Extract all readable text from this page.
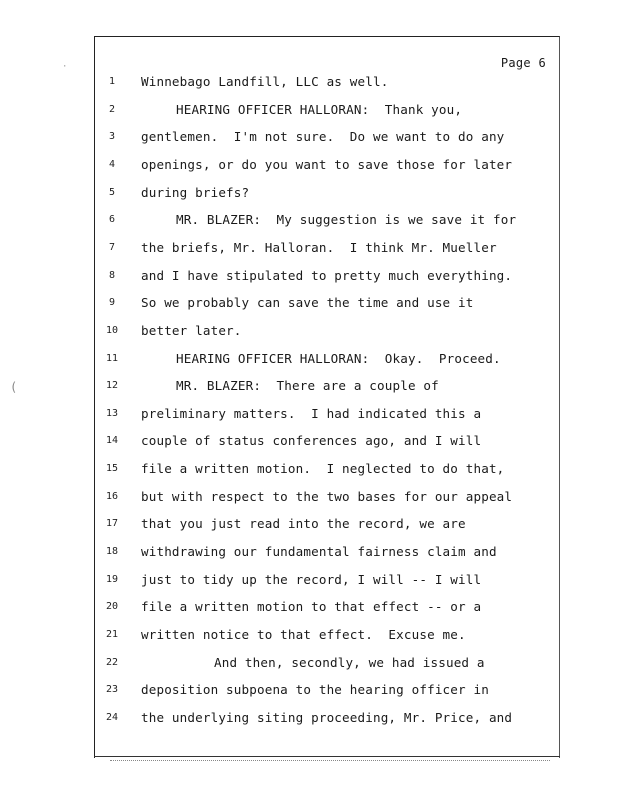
·
(
Page 6
1	Winnebago Landfill, LLC as well.
2	HEARING OFFICER HALLORAN:  Thank you,
3	gentlemen.  I'm not sure.  Do we want to do any
4	openings, or do you want to save those for later
5	during briefs?
6	MR. BLAZER:  My suggestion is we save it for
7	the briefs, Mr. Halloran.  I think Mr. Mueller
8	and I have stipulated to pretty much everything.
9	So we probably can save the time and use it
10	better later.
11	HEARING OFFICER HALLORAN:  Okay.  Proceed.
12	MR. BLAZER:  There are a couple of
13	preliminary matters.  I had indicated this a
14	couple of status conferences ago, and I will
15	file a written motion.  I neglected to do that,
16	but with respect to the two bases for our appeal
17	that you just read into the record, we are
18	withdrawing our fundamental fairness claim and
19	just to tidy up the record, I will -- I will
20	file a written motion to that effect -- or a
21	written notice to that effect.  Excuse me.
22	And then, secondly, we had issued a
23	deposition subpoena to the hearing officer in
24	the underlying siting proceeding, Mr. Price, and
